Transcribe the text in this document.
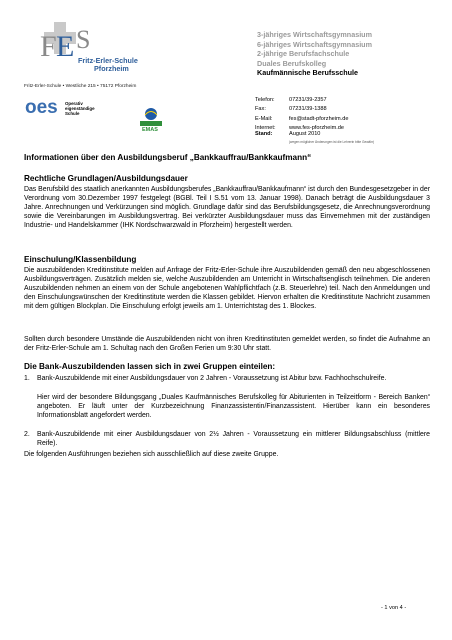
F E S
Fritz-Erler-Schule
Pforzheim
3-jähriges Wirtschaftsgymnasium
6-jähriges Wirtschaftsgymnasium
2-jährige Berufsfachschule
Duales Berufskolleg
Kaufmännische Berufsschule
Fritz-Erler-Schule • Westliche 215 • 75172 Pforzheim
oes Operativ
eigenständige
Schule
EMAS
Telefon:	07231/39-2357
Fax:	07231/39-1388
E-Mail:	fes@stadt-pforzheim.de
Internet:	www.fes-pforzheim.de
Stand:	August 2010
(wegen möglicher Änderungen ist die Lehrerin bitte Gewähr)
Informationen über den Ausbildungsberuf „Bankkauffrau/Bankkaufmann“
Rechtliche Grundlagen/Ausbildungsdauer
Das Berufsbild des staatlich anerkannten Ausbildungsberufes „Bankkauffrau/Bankkaufmann“ ist durch den Bundesgesetzgeber in der Verordnung vom 30.Dezember 1997 festgelegt (BGBl. Teil I S.51 vom 13. Januar 1998). Danach beträgt die Ausbildungsdauer 3 Jahre. Anrechnungen und Verkürzungen sind möglich. Grundlage dafür sind das Berufsbildungsgesetz, die Anrechnungsverordnung sowie die Vereinbarungen im Ausbildungsvertrag. Bei verkürzter Ausbildungsdauer muss das Einvernehmen mit der zuständigen Industrie- und Handelskammer (IHK Nordschwarzwald in Pforzheim) hergestellt werden.
Einschulung/Klassenbildung
Die auszubildenden Kreditinstitute melden auf Anfrage der Fritz-Erler-Schule ihre Auszubildenden gemäß den neu abgeschlossenen Ausbildungsverträgen. Zusätzlich melden sie, welche Auszubildenden am Unterricht in Wirtschaftsenglisch teilnehmen. Die anderen Auszubildenden nehmen an einem von der Schule angebotenen Wahlpflichtfach (z.B. Steuerlehre) teil. Nach den Anmeldungen und den Einschulungswünschen der Kreditinstitute werden die Klassen gebildet. Hiervon erhalten die Kreditinstitute Nachricht zusammen mit dem gültigen Blockplan. Die Einschulung erfolgt jeweils am 1. Unterrichtstag des 1. Blockes.
Sollten durch besondere Umstände die Auszubildenden nicht von ihren Kreditinstituten gemeldet werden, so findet die Aufnahme an der Fritz-Erler-Schule am 1. Schultag nach den Großen Ferien um 9:30 Uhr statt.
Die Bank-Auszubildenden lassen sich in zwei Gruppen einteilen:
1. Bank-Auszubildende mit einer Ausbildungsdauer von 2 Jahren - Voraussetzung ist Abitur bzw. Fachhochschulreife.
Hier wird der besondere Bildungsgang „Duales Kaufmännisches Berufskolleg für Abiturienten in Teilzeitform - Bereich Banken“ angeboten. Er läuft unter der Kurzbezeichnung Finanzassistentin/Finanzassistent. Hierüber kann ein besonderes Informationsblatt angefordert werden.
2. Bank-Auszubildende mit einer Ausbildungsdauer von 2½ Jahren - Voraussetzung ein mittlerer Bildungsabschluss (mittlere Reife).
Die folgenden Ausführungen beziehen sich ausschließlich auf diese zweite Gruppe.
- 1 von 4 -
